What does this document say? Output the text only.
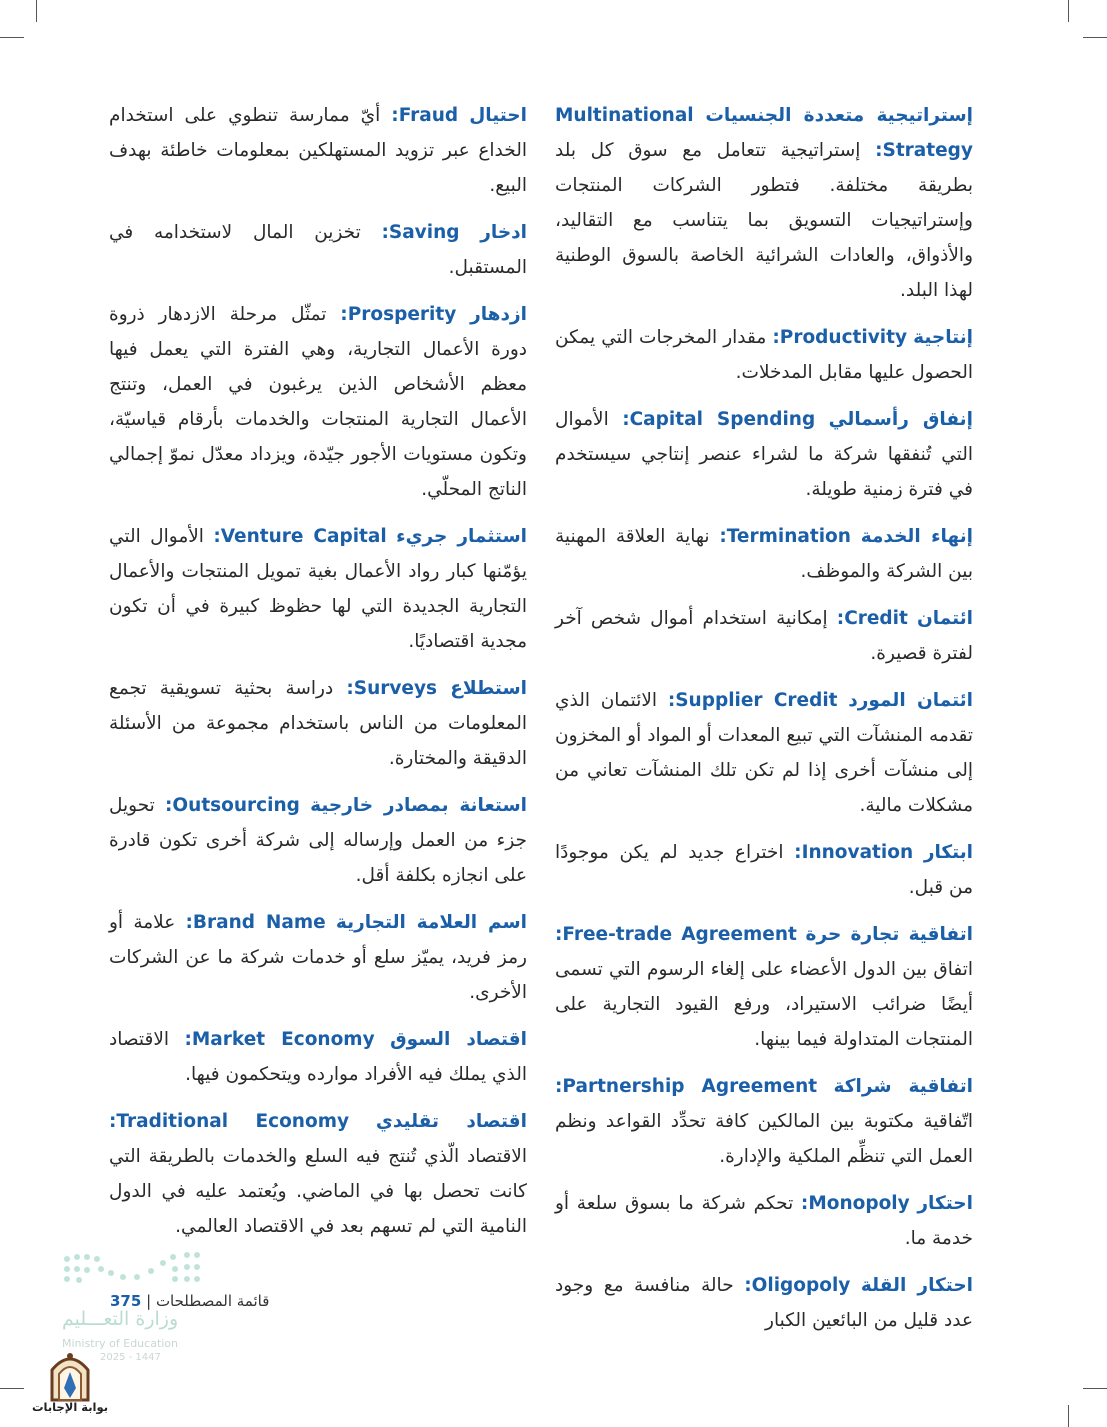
إستراتيجية متعددة الجنسيات Multinational Strategy: إستراتيجية تتعامل مع سوق كل بلد بطريقة مختلفة. فتطور الشركات المنتجات وإستراتيجيات التسويق بما يتناسب مع التقاليد، والأذواق، والعادات الشرائية الخاصة بالسوق الوطنية لهذا البلد.

إنتاجية Productivity: مقدار المخرجات التي يمكن الحصول عليها مقابل المدخلات.

إنفاق رأسمالي Capital Spending: الأموال التي تُنفقها شركة ما لشراء عنصر إنتاجي سيستخدم في فترة زمنية طويلة.

إنهاء الخدمة Termination: نهاية العلاقة المهنية بين الشركة والموظف.

ائتمان Credit: إمكانية استخدام أموال شخص آخر لفترة قصيرة.

ائتمان المورد Supplier Credit: الائتمان الذي تقدمه المنشآت التي تبيع المعدات أو المواد أو المخزون إلى منشآت أخرى إذا لم تكن تلك المنشآت تعاني من مشكلات مالية.

ابتكار Innovation: اختراع جديد لم يكن موجودًا من قبل.

اتفاقية تجارة حرة Free-trade Agreement: اتفاق بين الدول الأعضاء على إلغاء الرسوم التي تسمى أيضًا ضرائب الاستيراد، ورفع القيود التجارية على المنتجات المتداولة فيما بينها.

اتفاقية شراكة Partnership Agreement: اتّفاقية مكتوبة بين المالكين كافة تحدِّد القواعد ونظم العمل التي تنظِّم الملكية والإدارة.

احتكار Monopoly: تحكم شركة ما بسوق سلعة أو خدمة ما.

احتكار القلة Oligopoly: حالة منافسة مع وجود عدد قليل من البائعين الكبار

احتيال Fraud: أيّ ممارسة تنطوي على استخدام الخداع عبر تزويد المستهلكين بمعلومات خاطئة بهدف البيع.

ادخار Saving: تخزين المال لاستخدامه في المستقبل.

ازدهار Prosperity: تمثّل مرحلة الازدهار ذروة دورة الأعمال التجارية، وهي الفترة التي يعمل فيها معظم الأشخاص الذين يرغبون في العمل، وتنتج الأعمال التجارية المنتجات والخدمات بأرقام قياسيّة، وتكون مستويات الأجور جيّدة، ويزداد معدّل نموّ إجمالي الناتج المحلّي.

استثمار جريء Venture Capital: الأموال التي يؤمّنها كبار رواد الأعمال بغية تمويل المنتجات والأعمال التجارية الجديدة التي لها حظوظ كبيرة في أن تكون مجدية اقتصاديًا.

استطلاع Surveys: دراسة بحثية تسويقية تجمع المعلومات من الناس باستخدام مجموعة من الأسئلة الدقيقة والمختارة.

استعانة بمصادر خارجية Outsourcing: تحويل جزء من العمل وإرساله إلى شركة أخرى تكون قادرة على انجازه بكلفة أقل.

اسم العلامة التجارية Brand Name: علامة أو رمز فريد، يميّز سلع أو خدمات شركة ما عن الشركات الأخرى.

اقتصاد السوق Market Economy: الاقتصاد الذي يملك فيه الأفراد موارده ويتحكمون فيها.

اقتصاد تقليدي Traditional Economy: الاقتصاد الّذي تُنتج فيه السلع والخدمات بالطريقة التي كانت تحصل بها في الماضي. ويُعتمد عليه في الدول النامية التي لم تسهم بعد في الاقتصاد العالمي.

375 | قائمة المصطلحات
وزارة التعـــليم
Ministry of Education
2025 - 1447
بوابة الإجابات
